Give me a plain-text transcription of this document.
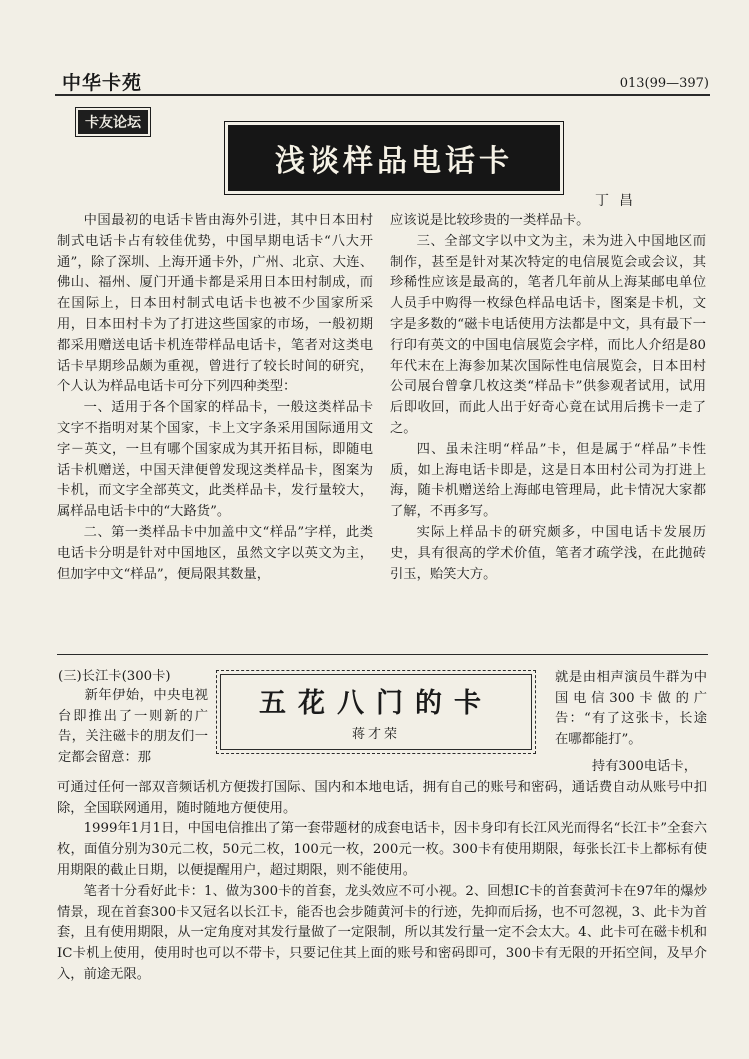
中华卡苑	013(99—397)
卡友论坛
浅谈样品电话卡
丁昌

中国最初的电话卡皆由海外引进，其中日本田村制式电话卡占有较佳优势，中国早期电话卡“八大开通”，除了深圳、上海开通卡外，广州、北京、大连、佛山、福州、厦门开通卡都是采用日本田村制成，而在国际上，日本田村制式电话卡也被不少国家所采用，日本田村卡为了打进这些国家的市场，一般初期都采用赠送电话卡机连带样品电话卡，笔者对这类电话卡早期珍品颇为重视，曾进行了较长时间的研究，个人认为样品电话卡可分下列四种类型：

一、适用于各个国家的样品卡，一般这类样品卡文字不指明对某个国家，卡上文字条采用国际通用文字－英文，一旦有哪个国家成为其开拓目标，即随电话卡机赠送，中国天津便曾发现这类样品卡，图案为卡机，而文字全部英文，此类样品卡，发行量较大，属样品电话卡中的“大路货”。

二、第一类样品卡中加盖中文“样品”字样，此类电话卡分明是针对中国地区，虽然文字以英文为主，但加字中文“样品”，便局限其数量，

应该说是比较珍贵的一类样品卡。

三、全部文字以中文为主，未为进入中国地区而制作，甚至是针对某次特定的电信展览会或会议，其珍稀性应该是最高的，笔者几年前从上海某邮电单位人员手中购得一枚绿色样品电话卡，图案是卡机，文字是多数的“磁卡电话使用方法都是中文，具有最下一行印有英文的中国电信展览会字样，而比人介绍是80年代末在上海参加某次国际性电信展览会，日本田村公司展台曾拿几枚这类“样品卡”供参观者试用，试用后即收回，而此人出于好奇心竟在试用后携卡一走了之。

四、虽未注明“样品”卡，但是属于“样品”卡性质，如上海电话卡即是，这是日本田村公司为打进上海，随卡机赠送给上海邮电管理局，此卡情况大家都了解，不再多写。

实际上样品卡的研究颇多，中国电话卡发展历史，具有很高的学术价值，笔者才疏学浅，在此抛砖引玉，贻笑大方。

(三)长江卡(300卡)

新年伊始，中央电视台即推出了一则新的广告，关注磁卡的朋友们一定都会留意：那

五花八门的卡
蒋才荣

就是由相声演员牛群为中国电信300卡做的广告：“有了这张卡，长途在哪都能打”。

持有300电话卡，

可通过任何一部双音频话机方便拨打国际、国内和本地电话，拥有自己的账号和密码，通话费自动从账号中扣除，全国联网通用，随时随地方便使用。

1999年1月1日，中国电信推出了第一套带题材的成套电话卡，因卡身印有长江风光而得名“长江卡”全套六枚，面值分别为30元二枚，50元二枚，100元一枚，200元一枚。300卡有使用期限，每张长江卡上都标有使用期限的截止日期，以便提醒用户，超过期限，则不能使用。

笔者十分看好此卡：1、做为300卡的首套，龙头效应不可小视。2、回想IC卡的首套黄河卡在97年的爆炒情景，现在首套300卡又冠名以长江卡，能否也会步随黄河卡的行迹，先抑而后扬，也不可忽视，3、此卡为首套，且有使用期限，从一定角度对其发行量做了一定限制，所以其发行量一定不会太大。4、此卡可在磁卡机和IC卡机上使用，使用时也可以不带卡，只要记住其上面的账号和密码即可，300卡有无限的开拓空间，及早介入，前途无限。
